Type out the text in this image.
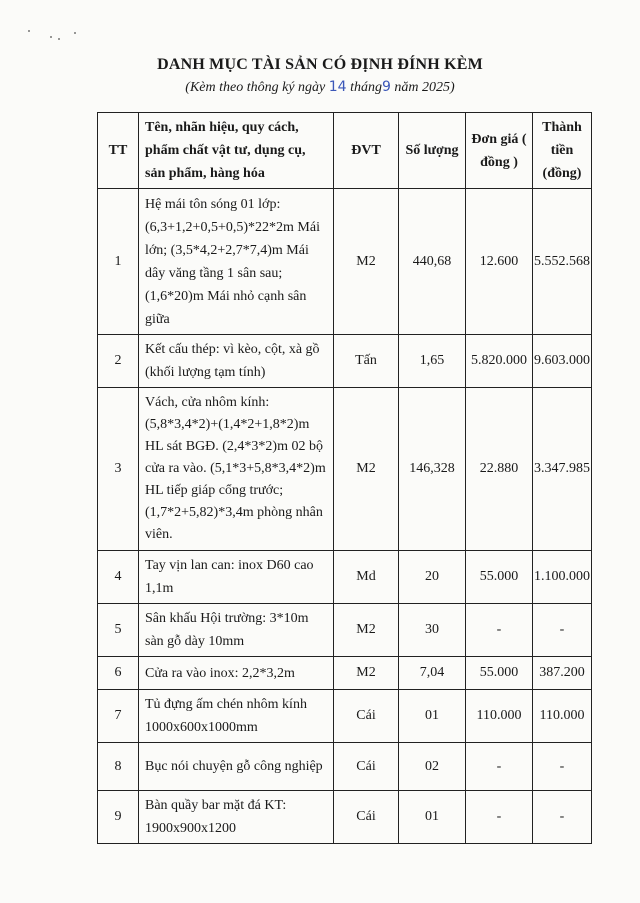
DANH MỤC TÀI SẢN CÓ ĐỊNH ĐÍNH KÈM
(Kèm theo thông ký ngày 14 tháng9 năm 2025)
TT	Tên, nhãn hiệu, quy cách, phẩm chất vật tư, dụng cụ, sản phẩm, hàng hóa	ĐVT	Số lượng	Đơn giá ( đồng )	Thành tiền (đồng)
1	Hệ mái tôn sóng 01 lớp: (6,3+1,2+0,5+0,5)*22*2m Mái lớn; (3,5*4,2+2,7*7,4)m Mái dây văng tầng 1 sân sau; (1,6*20)m Mái nhỏ cạnh sân giữa	M2	440,68	12.600	5.552.568
2	Kết cấu thép: vì kèo, cột, xà gồ (khối lượng tạm tính)	Tấn	1,65	5.820.000	9.603.000
3	Vách, cửa nhôm kính: (5,8*3,4*2)+(1,4*2+1,8*2)m HL sát BGĐ. (2,4*3*2)m 02 bộ cửa ra vào. (5,1*3+5,8*3,4*2)m HL tiếp giáp cổng trước; (1,7*2+5,82)*3,4m phòng nhân viên.	M2	146,328	22.880	3.347.985
4	Tay vịn lan can: inox D60 cao 1,1m	Md	20	55.000	1.100.000
5	Sân khấu Hội trường: 3*10m sàn gỗ dày 10mm	M2	30	-	-
6	Cửa ra vào inox: 2,2*3,2m	M2	7,04	55.000	387.200
7	Tủ đựng ấm chén nhôm kính 1000x600x1000mm	Cái	01	110.000	110.000
8	Bục nói chuyện gỗ công nghiệp	Cái	02	-	-
9	Bàn quầy bar mặt đá KT: 1900x900x1200	Cái	01	-	-
